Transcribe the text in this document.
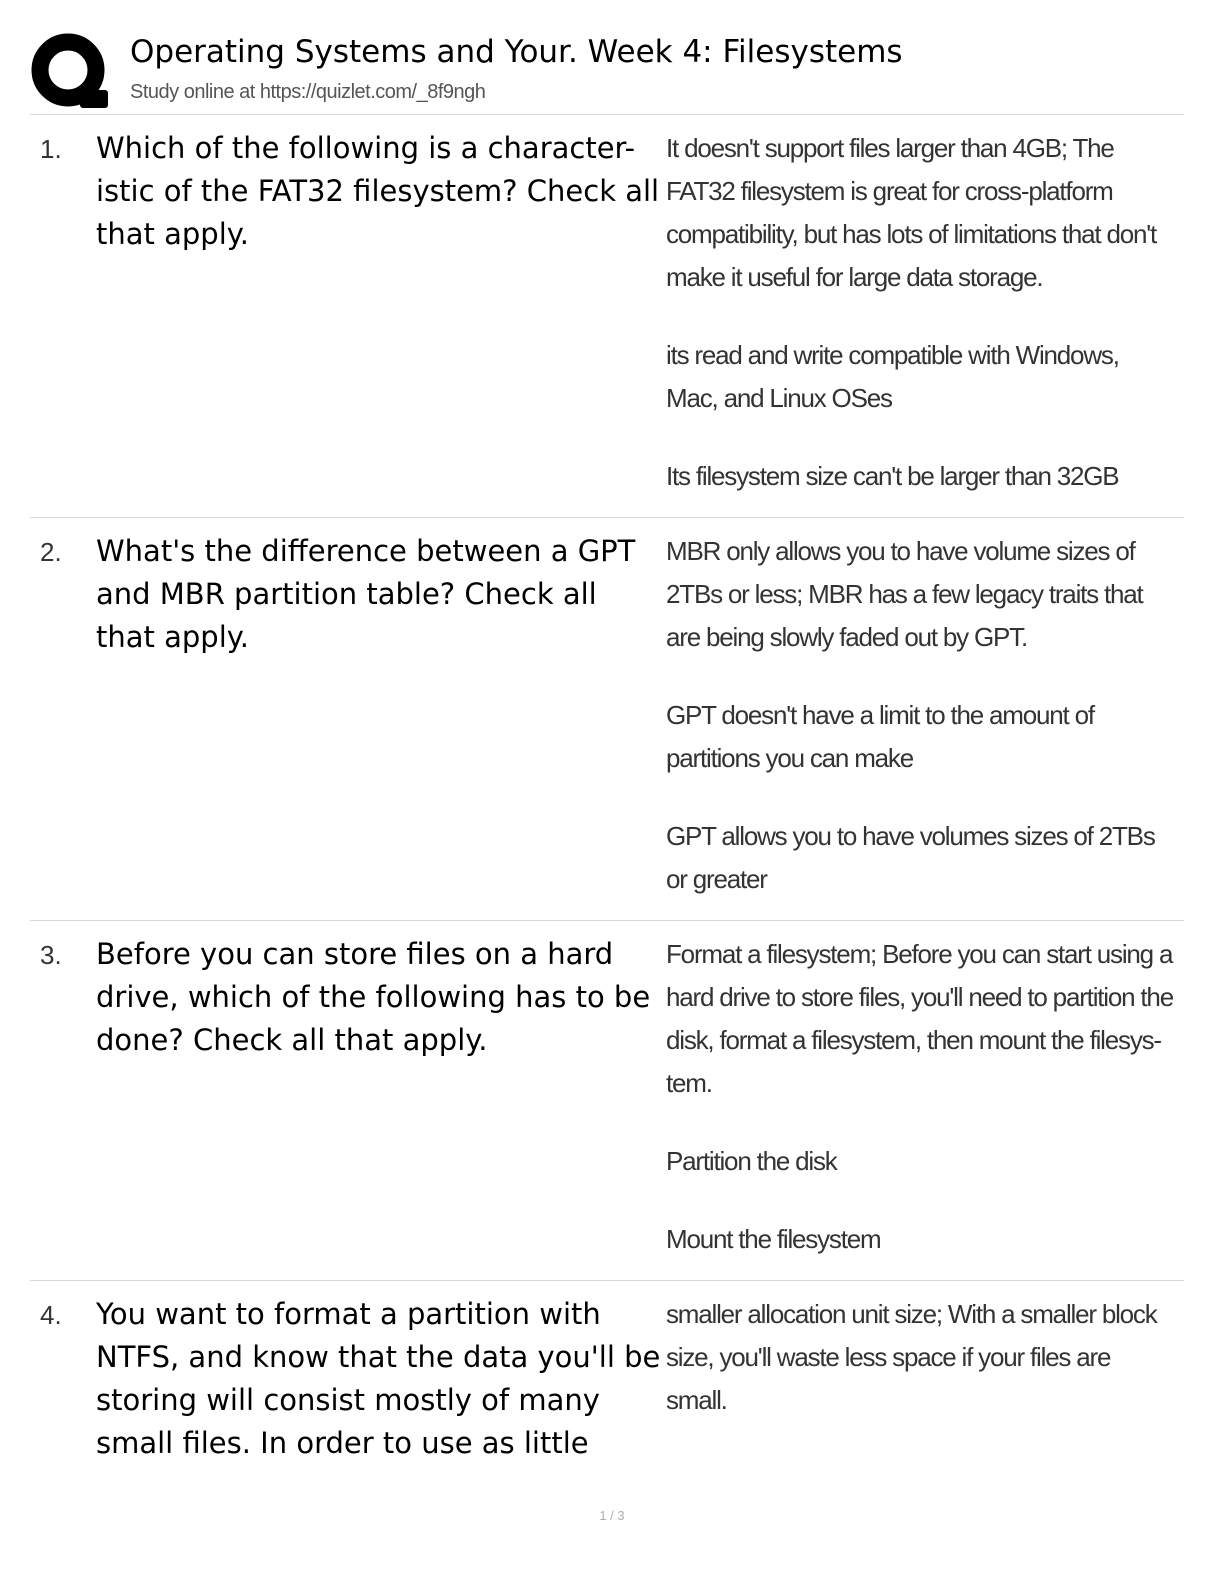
Operating Systems and Your. Week 4: Filesystems
Study online at https://quizlet.com/_8f9ngh
1. Which of the following is a character-istic of the FAT32 filesystem? Check all that apply.

It doesn't support files larger than 4GB; The FAT32 filesystem is great for cross-platform compatibility, but has lots of limitations that don't make it useful for large data storage.

its read and write compatible with Windows, Mac, and Linux OSes

Its filesystem size can't be larger than 32GB

2. What's the difference between a GPT and MBR partition table? Check all that apply.

MBR only allows you to have volume sizes of 2TBs or less; MBR has a few legacy traits that are being slowly faded out by GPT.

GPT doesn't have a limit to the amount of partitions you can make

GPT allows you to have volumes sizes of 2TBs or greater

3. Before you can store files on a hard drive, which of the following has to be done? Check all that apply.

Format a filesystem; Before you can start using a hard drive to store files, you'll need to partition the disk, format a filesystem, then mount the filesys-tem.

Partition the disk

Mount the filesystem

4. You want to format a partition with NTFS, and know that the data you'll be storing will consist mostly of many small files. In order to use as little

smaller allocation unit size; With a smaller block size, you'll waste less space if your files are small.

1 / 3
